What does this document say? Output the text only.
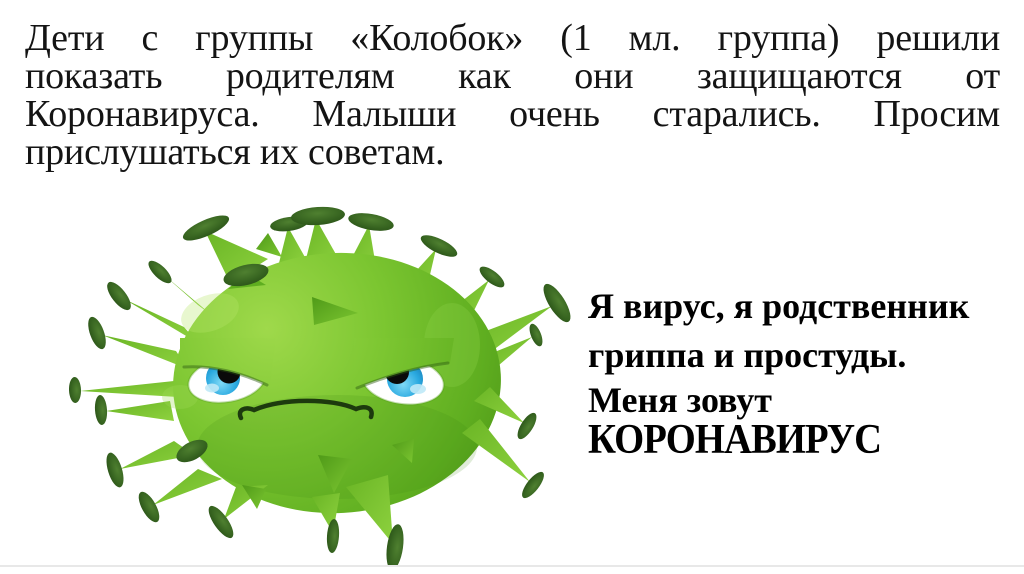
Дети с группы «Колобок» (1 мл. группа) решили
показать родителям как они защищаются от
Коронавируса. Малыши очень старались. Просим
прислушаться их советам.
Я вирус, я родственник
гриппа и простуды.
Меня зовут
КОРОНАВИРУС
